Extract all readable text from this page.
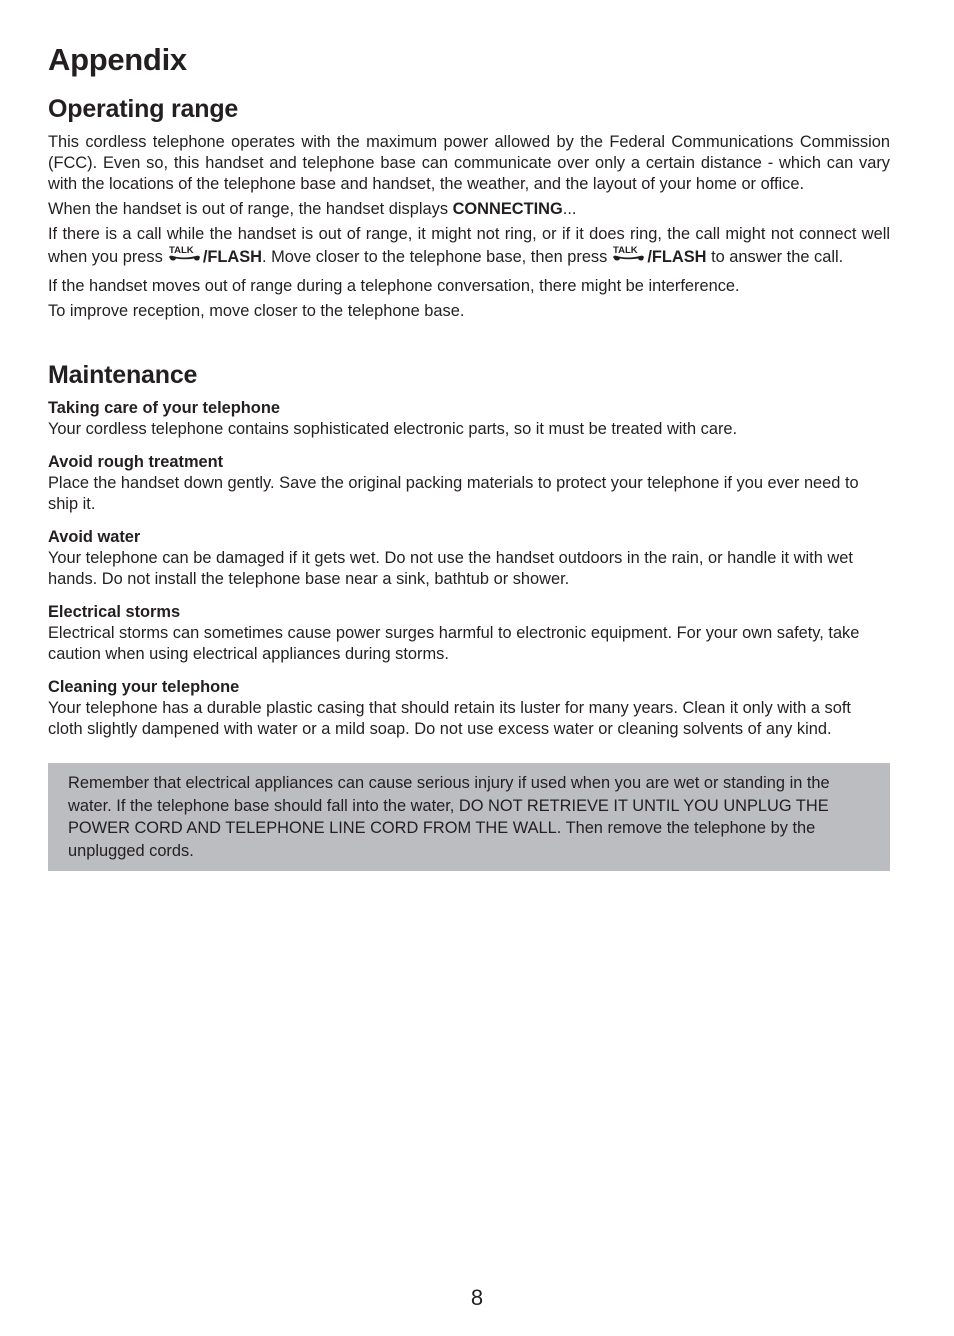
Appendix
Operating range

This cordless telephone operates with the maximum power allowed by the Federal Communications Commission (FCC). Even so, this handset and telephone base can communicate over only a certain distance - which can vary with the locations of the telephone base and handset, the weather, and the layout of your home or office.

When the handset is out of range, the handset displays CONNECTING...

If there is a call while the handset is out of range, it might not ring, or if it does ring, the call might not connect well when you press TALK /FLASH. Move closer to the telephone base, then press TALK /FLASH to answer the call.

If the handset moves out of range during a telephone conversation, there might be interference.

To improve reception, move closer to the telephone base.

Maintenance

Taking care of your telephone

Your cordless telephone contains sophisticated electronic parts, so it must be treated with care.

Avoid rough treatment

Place the handset down gently. Save the original packing materials to protect your telephone if you ever need to ship it.

Avoid water

Your telephone can be damaged if it gets wet. Do not use the handset outdoors in the rain, or handle it with wet hands. Do not install the telephone base near a sink, bathtub or shower.

Electrical storms

Electrical storms can sometimes cause power surges harmful to electronic equipment. For your own safety, take caution when using electrical appliances during storms.

Cleaning your telephone

Your telephone has a durable plastic casing that should retain its luster for many years. Clean it only with a soft cloth slightly dampened with water or a mild soap. Do not use excess water or cleaning solvents of any kind.

Remember that electrical appliances can cause serious injury if used when you are wet or standing in the water. If the telephone base should fall into the water, DO NOT RETRIEVE IT UNTIL YOU UNPLUG THE POWER CORD AND TELEPHONE LINE CORD FROM THE WALL. Then remove the telephone by the unplugged cords.
8
